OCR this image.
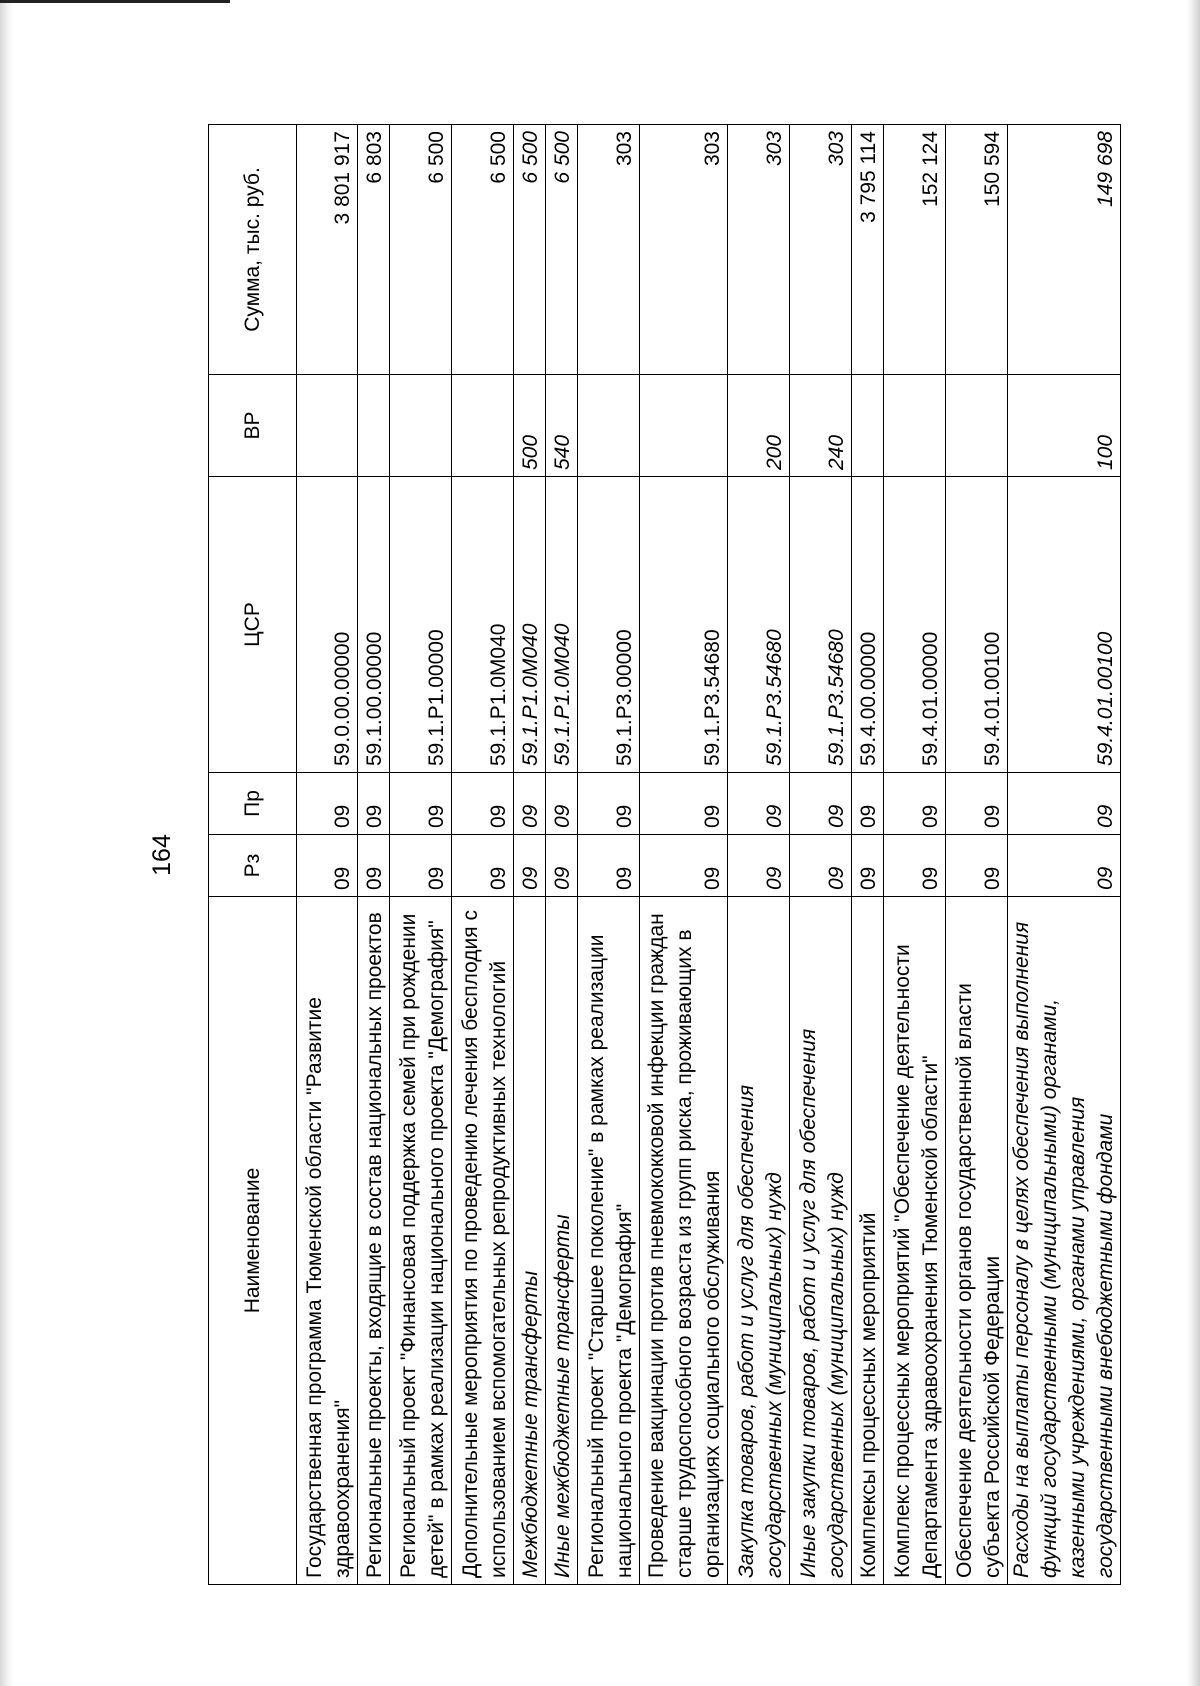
164
Наименование	Рз	Пр	ЦСР	ВР	Сумма, тыс. руб.
Государственная программа Тюменской области "Развитие здравоохранения"	09	09	59.0.00.00000		3 801 917
Региональные проекты, входящие в состав национальных проектов	09	09	59.1.00.00000		6 803
Региональный проект "Финансовая поддержка семей при рождении детей" в рамках реализации национального проекта "Демография"	09	09	59.1.P1.00000		6 500
Дополнительные мероприятия по проведению лечения бесплодия с использованием вспомогательных репродуктивных технологий	09	09	59.1.P1.0M040		6 500
Межбюджетные трансферты	09	09	59.1.P1.0M040	500	6 500
Иные межбюджетные трансферты	09	09	59.1.P1.0M040	540	6 500
Региональный проект "Старшее поколение" в рамках реализации национального проекта "Демография"	09	09	59.1.P3.00000		303
Проведение вакцинации против пневмококковой инфекции граждан старше трудоспособного возраста из групп риска, проживающих в организациях социального обслуживания	09	09	59.1.P3.54680		303
Закупка товаров, работ и услуг для обеспечения государственных (муниципальных) нужд	09	09	59.1.P3.54680	200	303
Иные закупки товаров, работ и услуг для обеспечения государственных (муниципальных) нужд	09	09	59.1.P3.54680	240	303
Комплексы процессных мероприятий	09	09	59.4.00.00000		3 795 114
Комплекс процессных мероприятий "Обеспечение деятельности Департамента здравоохранения Тюменской области"	09	09	59.4.01.00000		152 124
Обеспечение деятельности органов государственной власти субъекта Российской Федерации	09	09	59.4.01.00100		150 594
Расходы на выплаты персоналу в целях обеспечения выполнения функций государственными (муниципальными) органами, казенными учреждениями, органами управления государственными внебюджетными фондами	09	09	59.4.01.00100	100	149 698
